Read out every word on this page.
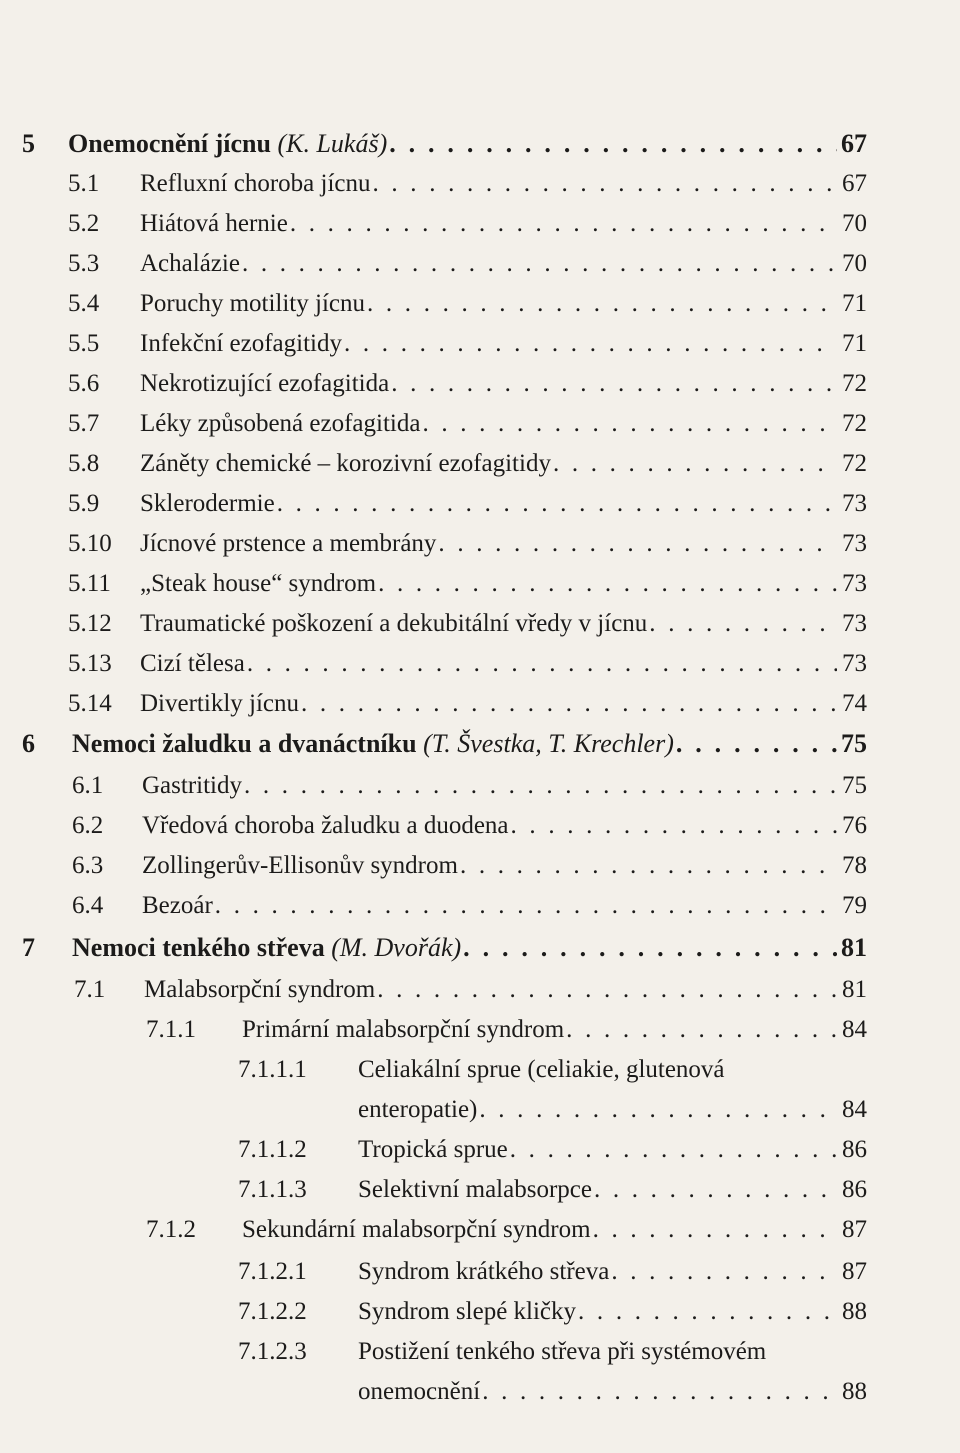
5 Onemocnění jícnu (K. Lukáš) . . .	67
5.1 Refluxní choroba jícnu . . .	67
5.2 Hiátová hernie . . .	70
5.3 Achalázie . . .	70
5.4 Poruchy motility jícnu . . .	71
5.5 Infekční ezofagitidy . . .	71
5.6 Nekrotizující ezofagitida . . .	72
5.7 Léky způsobená ezofagitida . . .	72
5.8 Záněty chemické – korozivní ezofagitidy . . .	72
5.9 Sklerodermie . . .	73
5.10 Jícnové prstence a membrány . . .	73
5.11 „Steak house“ syndrom . . .	73
5.12 Traumatické poškození a dekubitální vředy v jícnu . . .	73
5.13 Cizí tělesa . . .	73
5.14 Divertikly jícnu . . .	74
6 Nemoci žaludku a dvanáctníku (T. Švestka, T. Krechler) . . .	75
6.1 Gastritidy . . .	75
6.2 Vředová choroba žaludku a duodena . . .	76
6.3 Zollingerův-Ellisonův syndrom . . .	78
6.4 Bezoár . . .	79
7 Nemoci tenkého střeva (M. Dvořák) . . .	81
7.1 Malabsorpční syndrom . . .	81
7.1.1 Primární malabsorpční syndrom . . .	84
7.1.1.1 Celiakální sprue (celiakie, glutenová
enteropatie) . . .	84
7.1.1.2 Tropická sprue . . .	86
7.1.1.3 Selektivní malabsorpce . . .	86
7.1.2 Sekundární malabsorpční syndrom . . .	87
7.1.2.1 Syndrom krátkého střeva . . .	87
7.1.2.2 Syndrom slepé kličky . . .	88
7.1.2.3 Postižení tenkého střeva při systémovém
onemocnění . . .	88
